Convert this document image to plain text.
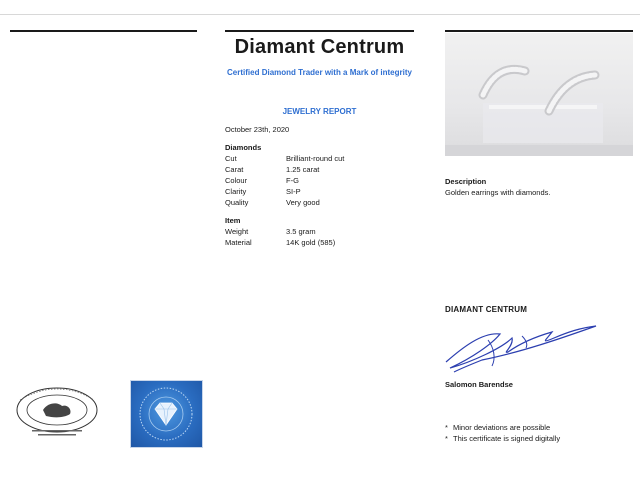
Diamant Centrum
Certified Diamond Trader with a Mark of integrity
JEWELRY REPORT
October 23th, 2020
Diamonds
Cut	Brilliant-round cut
Carat	1.25 carat
Colour	F-G
Clarity	SI-P
Quality	Very good
Item
Weight	3.5 gram
Material	14K gold (585)
Description
Golden earrings with diamonds.
DIAMANT CENTRUM
Salomon Barendse
* Minor deviations are possible
* This certificate is signed digitally
